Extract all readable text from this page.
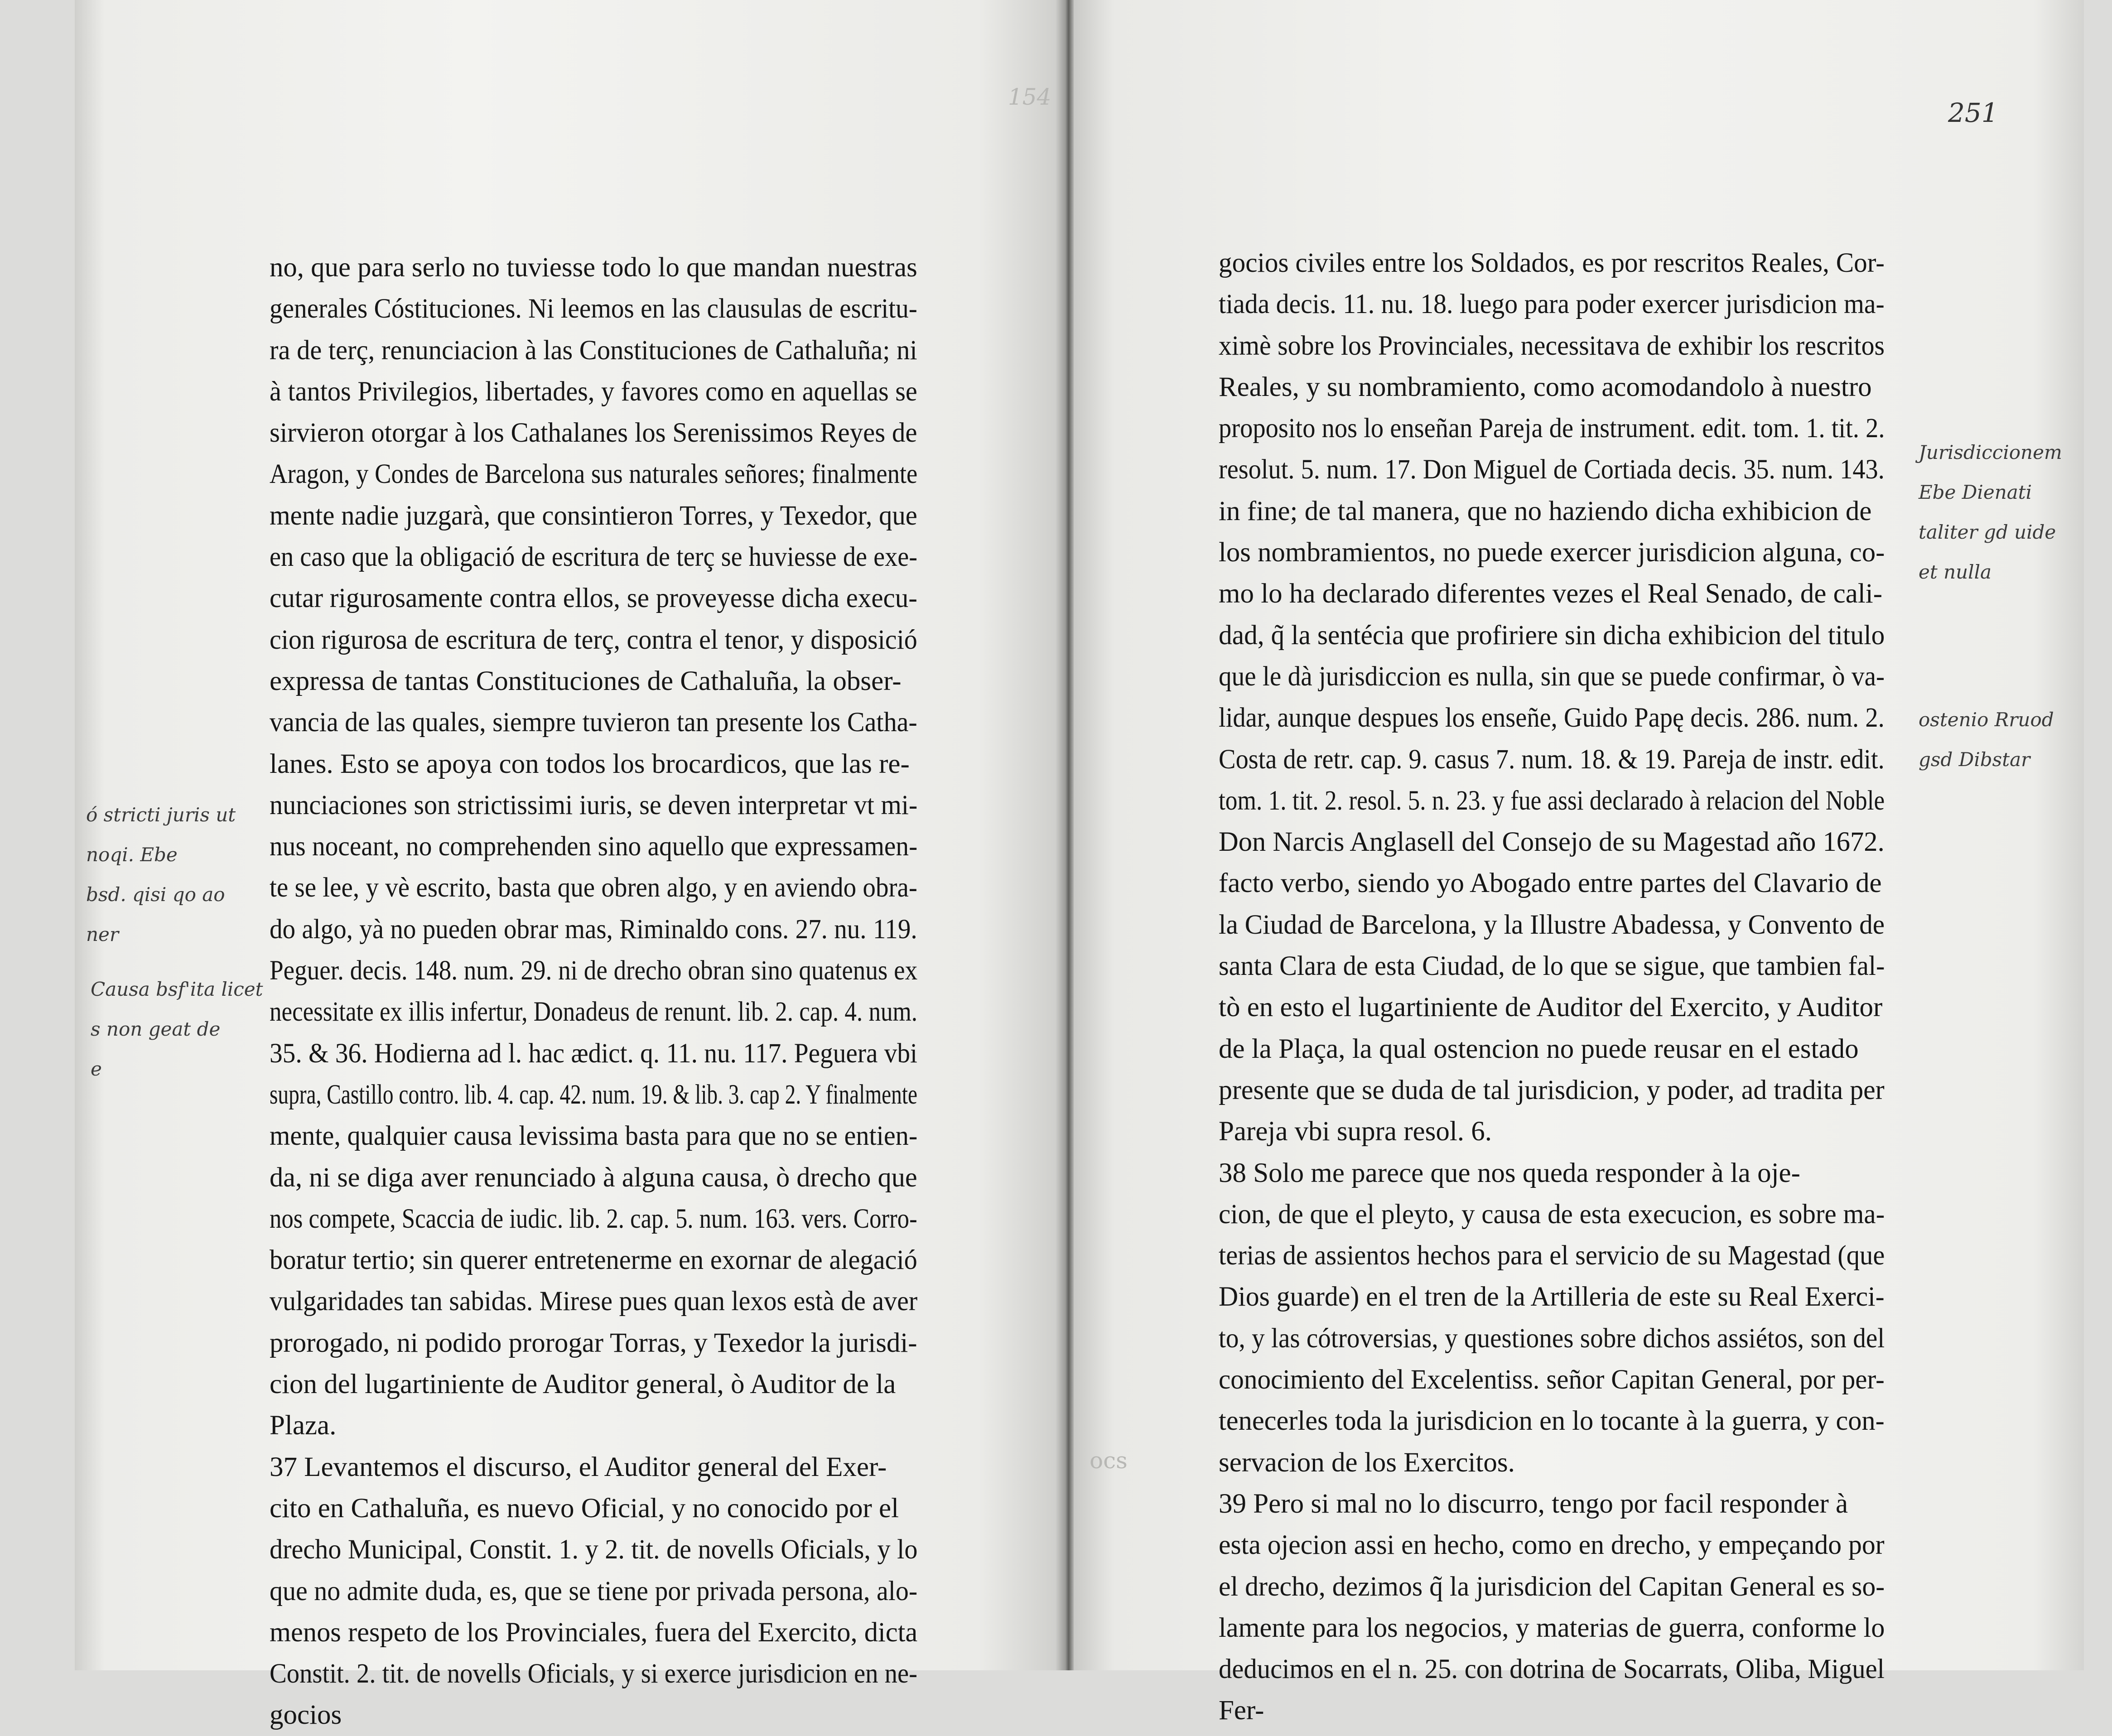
154
251
ocs
no, que para serlo no tuviesse todo lo que mandan nuestras
generales Cóstituciones. Ni leemos en las clausulas de escritu-
ra de terç, renunciacion à las Constituciones de Cathaluña; ni
à tantos Privilegios, libertades, y favores como en aquellas se
sirvieron otorgar à los Cathalanes los Serenissimos Reyes de
Aragon, y Condes de Barcelona sus naturales señores; finalmente
mente nadie juzgarà, que consintieron Torres, y Texedor, que
en caso que la obligació de escritura de terç se huviesse de exe-
cutar rigurosamente contra ellos, se proveyesse dicha execu-
cion rigurosa de escritura de terç, contra el tenor, y disposició
expressa de tantas Constituciones de Cathaluña, la obser-
vancia de las quales, siempre tuvieron tan presente los Catha-
lanes. Esto se apoya con todos los brocardicos, que las re-
nunciaciones son strictissimi iuris, se deven interpretar vt mi-
nus noceant, no comprehenden sino aquello que expressamen-
te se lee, y vè escrito, basta que obren algo, y en aviendo obra-
do algo, yà no pueden obrar mas, Riminaldo cons. 27. nu. 119.
Peguer. decis. 148. num. 29. ni de drecho obran sino quatenus ex
necessitate ex illis infertur, Donadeus de renunt. lib. 2. cap. 4. num.
35. & 36. Hodierna ad l. hac ædict. q. 11. nu. 117. Peguera vbi
supra, Castillo contro. lib. 4. cap. 42. num. 19. & lib. 3. cap 2. Y finalmente
mente, qualquier causa levissima basta para que no se entien-
da, ni se diga aver renunciado à alguna causa, ò drecho que
nos compete, Scaccia de iudic. lib. 2. cap. 5. num. 163. vers. Corro-
boratur tertio; sin querer entretenerme en exornar de alegació
vulgaridades tan sabidas. Mirese pues quan lexos està de aver
prorogado, ni podido prorogar Torras, y Texedor la jurisdi-
cion del lugartiniente de Auditor general, ò Auditor de la
Plaza.
37 Levantemos el discurso, el Auditor general del Exer-
cito en Cathaluña, es nuevo Oficial, y no conocido por el
drecho Municipal, Constit. 1. y 2. tit. de novells Oficials, y lo
que no admite duda, es, que se tiene por privada persona, alo-
menos respeto de los Provinciales, fuera del Exercito, dicta
Constit. 2. tit. de novells Oficials, y si exerce jurisdicion en ne-
gocios
gocios civiles entre los Soldados, es por rescritos Reales, Cor-
tiada decis. 11. nu. 18. luego para poder exercer jurisdicion ma-
ximè sobre los Provinciales, necessitava de exhibir los rescritos
Reales, y su nombramiento, como acomodandolo à nuestro
proposito nos lo enseñan Pareja de instrument. edit. tom. 1. tit. 2.
resolut. 5. num. 17. Don Miguel de Cortiada decis. 35. num. 143.
in fine; de tal manera, que no haziendo dicha exhibicion de
los nombramientos, no puede exercer jurisdicion alguna, co-
mo lo ha declarado diferentes vezes el Real Senado, de cali-
dad, q̃ la sentécia que profiriere sin dicha exhibicion del titulo
que le dà jurisdiccion es nulla, sin que se puede confirmar, ò va-
lidar, aunque despues los enseñe, Guido Papę decis. 286. num. 2.
Costa de retr. cap. 9. casus 7. num. 18. & 19. Pareja de instr. edit.
tom. 1. tit. 2. resol. 5. n. 23. y fue assi declarado à relacion del Noble
Don Narcis Anglasell del Consejo de su Magestad año 1672.
facto verbo, siendo yo Abogado entre partes del Clavario de
la Ciudad de Barcelona, y la Illustre Abadessa, y Convento de
santa Clara de esta Ciudad, de lo que se sigue, que tambien fal-
tò en esto el lugartiniente de Auditor del Exercito, y Auditor
de la Plaça, la qual ostencion no puede reusar en el estado
presente que se duda de tal jurisdicion, y poder, ad tradita per
Pareja vbi supra resol. 6.
38 Solo me parece que nos queda responder à la oje-
cion, de que el pleyto, y causa de esta execucion, es sobre ma-
terias de assientos hechos para el servicio de su Magestad (que
Dios guarde) en el tren de la Artilleria de este su Real Exerci-
to, y las cótroversias, y questiones sobre dichos assiétos, son del
conocimiento del Excelentiss. señor Capitan General, por per-
tenecerles toda la jurisdicion en lo tocante à la guerra, y con-
servacion de los Exercitos.
39 Pero si mal no lo discurro, tengo por facil responder à
esta ojecion assi en hecho, como en drecho, y empeçando por
el drecho, dezimos q̃ la jurisdicion del Capitan General es so-
lamente para los negocios, y materias de guerra, conforme lo
deducimos en el n. 25. con dotrina de Socarrats, Oliba, Miguel
Fer-
ó stricti juris ut
noqi. Ebe
bsd. qisi qo ao
ner
Causa bsf'ita licet
s non geat de
e
Jurisdiccionem
Ebe Dienati
taliter gd uide
et nulla
ostenio Rruod
gsd Dibstar
